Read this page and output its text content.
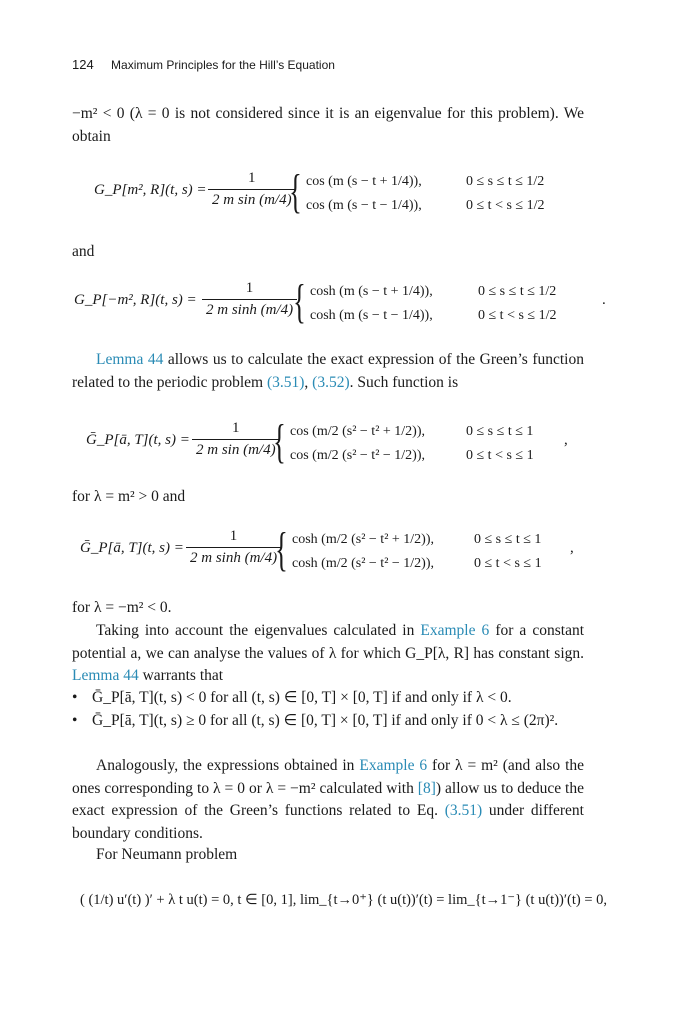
124 Maximum Principles for the Hill’s Equation
−m² < 0 (λ = 0 is not considered since it is an eigenvalue for this problem). We obtain
G_P[m², R](t, $s) = \frac{1}{\text{2 m sin (m/4)}}$
{ cos (m (s − t + 1/4)),
cos (m (s − t − 1/4)),
0 ≤ s ≤ t ≤ 1/2
0 ≤ t < s ≤ 1/2
and
G_P[−m², R](t, $s) = \frac{1}{\text{2 m sinh (m/4)}}$
{ cosh (m (s − t + 1/4)),
cosh (m (s − t − 1/4)),
0 ≤ s ≤ t ≤ 1/2
0 ≤ t < s ≤ 1/2
.
Lemma 44 allows us to calculate the exact expression of the Green’s function related to the periodic problem (3.51), (3.52). Such function is
Ḡ_P[ā, T](t, $s) = \frac{1}{\text{2 m sin (m/4)}}$
{ cos (m/2 (s² − t² + 1/2)),
cos (m/2 (s² − t² − 1/2)),
0 ≤ s ≤ t ≤ 1
0 ≤ t < s ≤ 1
,
for λ = m² > 0 and
Ḡ_P[ā, T](t, $s) = \frac{1}{\text{2 m sinh (m/4)}}$
{ cosh (m/2 (s² − t² + 1/2)),
cosh (m/2 (s² − t² − 1/2)),
0 ≤ s ≤ t ≤ 1
0 ≤ t < s ≤ 1
,
for λ = −m² < 0.
Taking into account the eigenvalues calculated in Example 6 for a constant potential a, we can analyse the values of λ for which G_P[λ, R] has constant sign. Lemma 44 warrants that
• Ḡ_P[ā, T](t, s) < 0 for all (t, s) ∈ [0, T] × [0, T] if and only if λ < 0.
• Ḡ_P[ā, T](t, s) ≥ 0 for all (t, s) ∈ [0, T] × [0, T] if and only if 0 < λ ≤ (2π)².
Analogously, the expressions obtained in Example 6 for λ = m² (and also the ones corresponding to λ = 0 or λ = −m² calculated with [8]) allow us to deduce the exact expression of the Green’s functions related to Eq. (3.51) under different boundary conditions.
For Neumann problem
( (1/t) u′(t) )′ + λ t u(t) = 0, t ∈ [0, 1], lim_{t→0⁺} (t u(t))′(t) = lim_{t→1⁻} (t u(t))′(t) = 0,
